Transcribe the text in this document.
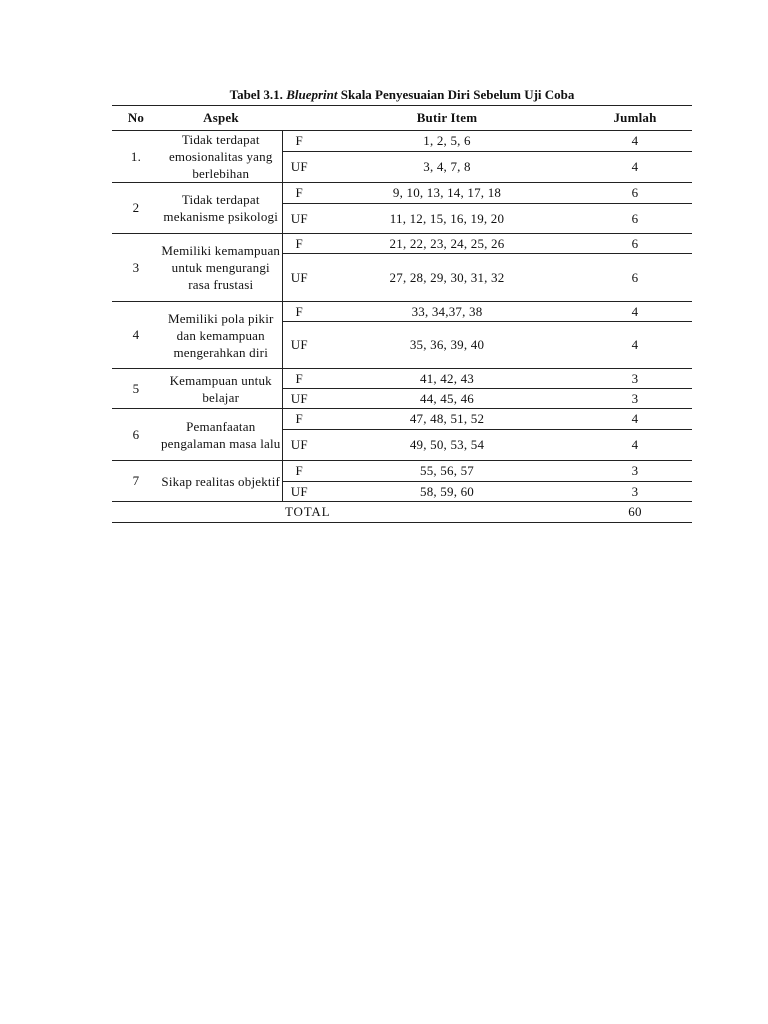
Tabel 3.1. Blueprint Skala Penyesuaian Diri Sebelum Uji Coba
No	Aspek		Butir Item	Jumlah
1.	Tidak terdapat emosionalitas yang berlebihan	F	1, 2, 5, 6	4
		UF	3, 4, 7, 8	4
2	Tidak terdapat mekanisme psikologi	F	9, 10, 13, 14, 17, 18	6
		UF	11, 12, 15, 16, 19, 20	6
3	Memiliki kemampuan untuk mengurangi rasa frustasi	F	21, 22, 23, 24, 25, 26	6
		UF	27, 28, 29, 30, 31, 32	6
4	Memiliki pola pikir dan kemampuan mengerahkan diri	F	33, 34,37, 38	4
		UF	35, 36, 39, 40	4
5	Kemampuan untuk belajar	F	41, 42, 43	3
		UF	44, 45, 46	3
6	Pemanfaatan pengalaman masa lalu	F	47, 48, 51, 52	4
		UF	49, 50, 53, 54	4
7	Sikap realitas objektif	F	55, 56, 57	3
		UF	58, 59, 60	3
TOTAL				60
